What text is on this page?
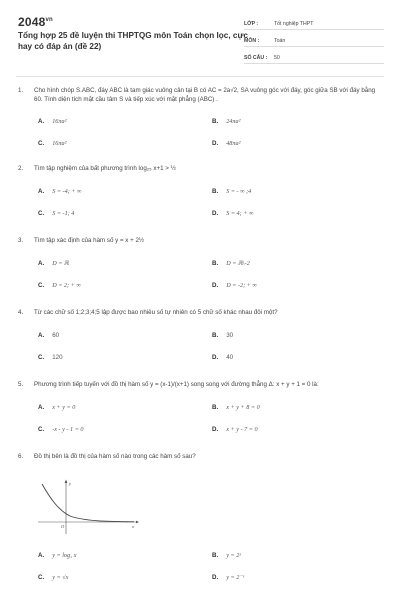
$2048^{vn}$
Tổng hợp 25 đề luyện thi THPTQG môn Toán chọn lọc, cực hay có đáp án (đề 22)
LỚP :	Tốt nghiệp THPT
MÔN :	Toán
SỐ CÂU :	50
1. Cho hình chóp S.ABC, đáy ABC là tam giác vuông cân tại B có AC = 2a√2, SA vuông góc với đáy, góc giữa SB với đáy bằng 60. Tính diện tích mặt cầu tâm S và tiếp xúc với mặt phẳng (ABC) .
A. 16πa²	B. 24πa²
C. 16πa²	D. 48πa²
2. Tìm tập nghiệm của bất phương trình log₂₅ x+1 > ½
A. S = -4; + ∞	B. S = - ∞ ;4
C. S = -1; 4	D. S = 4; + ∞
3. Tìm tập xác định của hàm số y = x + 2½
A. D = ℝ	B. D = ℝ\-2
C. D = 2; + ∞	D. D = -2; + ∞
4. Từ các chữ số 1;2;3;4;5 lập được bao nhiêu số tự nhiên có 5 chữ số khác nhau đôi một?
A. 60	B. 30
C. 120	D. 40
5. Phương trình tiếp tuyến với đồ thị hàm số y = (x-1)/(x+1) song song với đường thẳng Δ: x + y + 1 = 0 là:
A. x + y = 0	B. x + y + 8 = 0
C. -x - y - 1 = 0	D. x + y - 7 = 0
6. Đồ thị bên là đồ thị của hàm số nào trong các hàm số sau?
y
x
O
A. y = log₂ x	B. y = 2ˣ
C. y = √x	D. y = 2⁻ˣ
